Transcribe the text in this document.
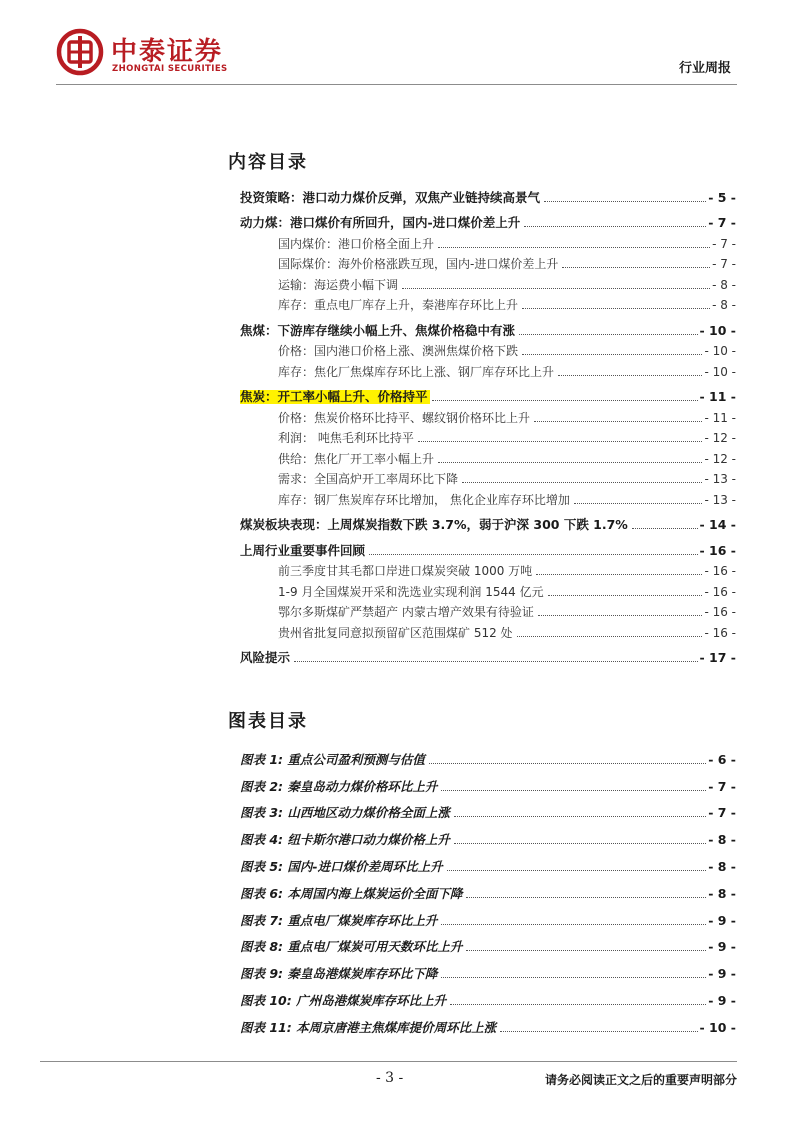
中泰证券
ZHONGTAI SECURITIES	行业周报
内容目录
投资策略：港口动力煤价反弹，双焦产业链持续高景气	- 5 -
动力煤：港口煤价有所回升，国内-进口煤价差上升	- 7 -
国内煤价：港口价格全面上升	- 7 -
国际煤价：海外价格涨跌互现，国内-进口煤价差上升	- 7 -
运输：海运费小幅下调	- 8 -
库存：重点电厂库存上升，秦港库存环比上升	- 8 -
焦煤：下游库存继续小幅上升、焦煤价格稳中有涨	- 10 -
价格：国内港口价格上涨、澳洲焦煤价格下跌	- 10 -
库存：焦化厂焦煤库存环比上涨、钢厂库存环比上升	- 10 -
焦炭：开工率小幅上升、价格持平	- 11 -
价格：焦炭价格环比持平、螺纹钢价格环比上升	- 11 -
利润： 吨焦毛利环比持平	- 12 -
供给：焦化厂开工率小幅上升	- 12 -
需求：全国高炉开工率周环比下降	- 13 -
库存：钢厂焦炭库存环比增加， 焦化企业库存环比增加	- 13 -
煤炭板块表现：上周煤炭指数下跌 3.7%，弱于沪深 300 下跌 1.7%	- 14 -
上周行业重要事件回顾	- 16 -
前三季度甘其毛都口岸进口煤炭突破 1000 万吨	- 16 -
1-9 月全国煤炭开采和洗选业实现利润 1544 亿元	- 16 -
鄂尔多斯煤矿严禁超产 内蒙古增产效果有待验证	- 16 -
贵州省批复同意拟预留矿区范围煤矿 512 处	- 16 -
风险提示	- 17 -
图表目录
图表 1: 重点公司盈利预测与估值	- 6 -
图表 2: 秦皇岛动力煤价格环比上升	- 7 -
图表 3: 山西地区动力煤价格全面上涨	- 7 -
图表 4: 纽卡斯尔港口动力煤价格上升	- 8 -
图表 5: 国内-进口煤价差周环比上升	- 8 -
图表 6: 本周国内海上煤炭运价全面下降	- 8 -
图表 7: 重点电厂煤炭库存环比上升	- 9 -
图表 8: 重点电厂煤炭可用天数环比上升	- 9 -
图表 9: 秦皇岛港煤炭库存环比下降	- 9 -
图表 10: 广州岛港煤炭库存环比上升	- 9 -
图表 11: 本周京唐港主焦煤库提价周环比上涨	- 10 -
- 3 -	请务必阅读正文之后的重要声明部分
